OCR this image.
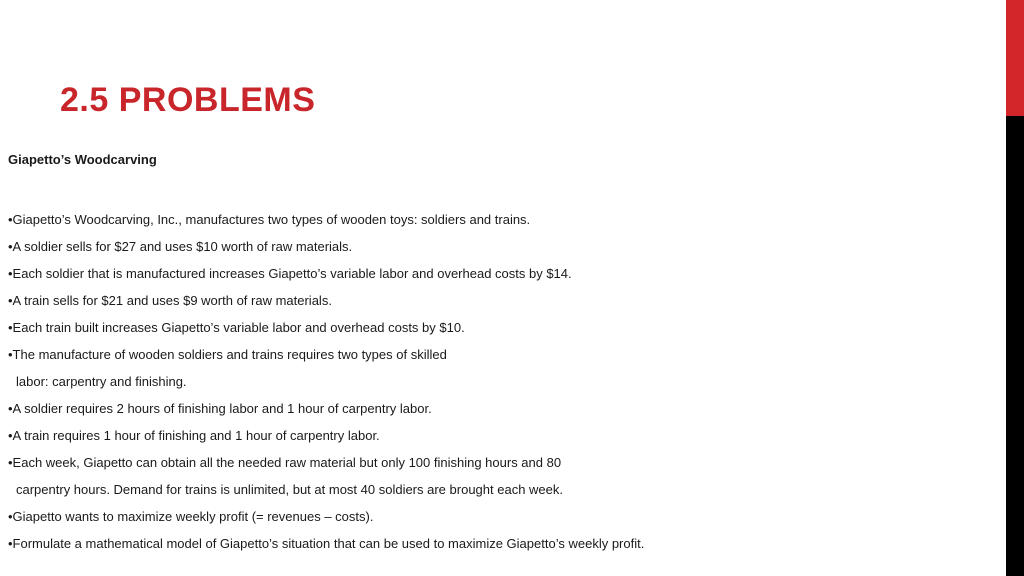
2.5 PROBLEMS
Giapetto’s Woodcarving
•Giapetto’s Woodcarving, Inc., manufactures two types of wooden toys: soldiers and trains.
•A soldier sells for $27 and uses $10 worth of raw materials.
•Each soldier that is manufactured increases Giapetto’s variable labor and overhead costs by $14.
•A train sells for $21 and uses $9 worth of raw materials.
•Each train built increases Giapetto’s variable labor and overhead costs by $10.
•The manufacture of wooden soldiers and trains requires two types of skilled
labor: carpentry and finishing.
•A soldier requires 2 hours of finishing labor and 1 hour of carpentry labor.
•A train requires 1 hour of finishing and 1 hour of carpentry labor.
•Each week, Giapetto can obtain all the needed raw material but only 100 finishing hours and 80
carpentry hours. Demand for trains is unlimited, but at most 40 soldiers are brought each week.
•Giapetto wants to maximize weekly profit (= revenues – costs).
•Formulate a mathematical model of Giapetto’s situation that can be used to maximize Giapetto’s weekly profit.
